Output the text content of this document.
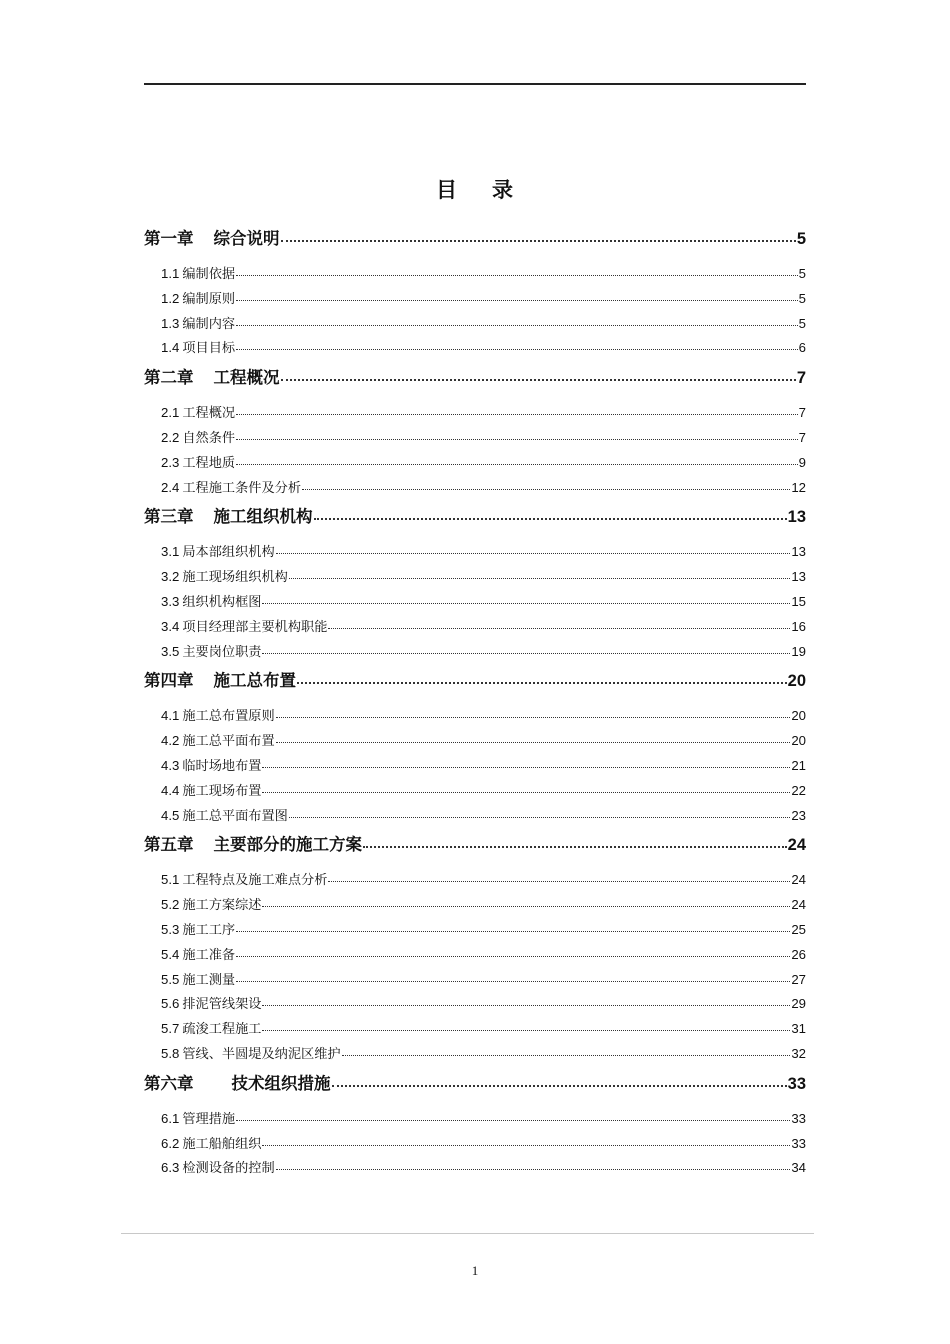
目 录
第一章 综合说明	5
1.1 编制依据	5
1.2 编制原则	5
1.3 编制内容	5
1.4 项目目标	6
第二章 工程概况	7
2.1 工程概况	7
2.2 自然条件	7
2.3 工程地质	9
2.4 工程施工条件及分析	12
第三章 施工组织机构	13
3.1 局本部组织机构	13
3.2 施工现场组织机构	13
3.3 组织机构框图	15
3.4 项目经理部主要机构职能	16
3.5 主要岗位职责	19
第四章 施工总布置	20
4.1 施工总布置原则	20
4.2 施工总平面布置	20
4.3 临时场地布置	21
4.4 施工现场布置	22
4.5 施工总平面布置图	23
第五章 主要部分的施工方案	24
5.1 工程特点及施工难点分析	24
5.2 施工方案综述	24
5.3 施工工序	25
5.4 施工准备	26
5.5 施工测量	27
5.6 排泥管线架设	29
5.7 疏浚工程施工	31
5.8 管线、半圆堤及纳泥区维护	32
第六章 技术组织措施	33
6.1 管理措施	33
6.2 施工船舶组织	33
6.3 检测设备的控制	34
1
